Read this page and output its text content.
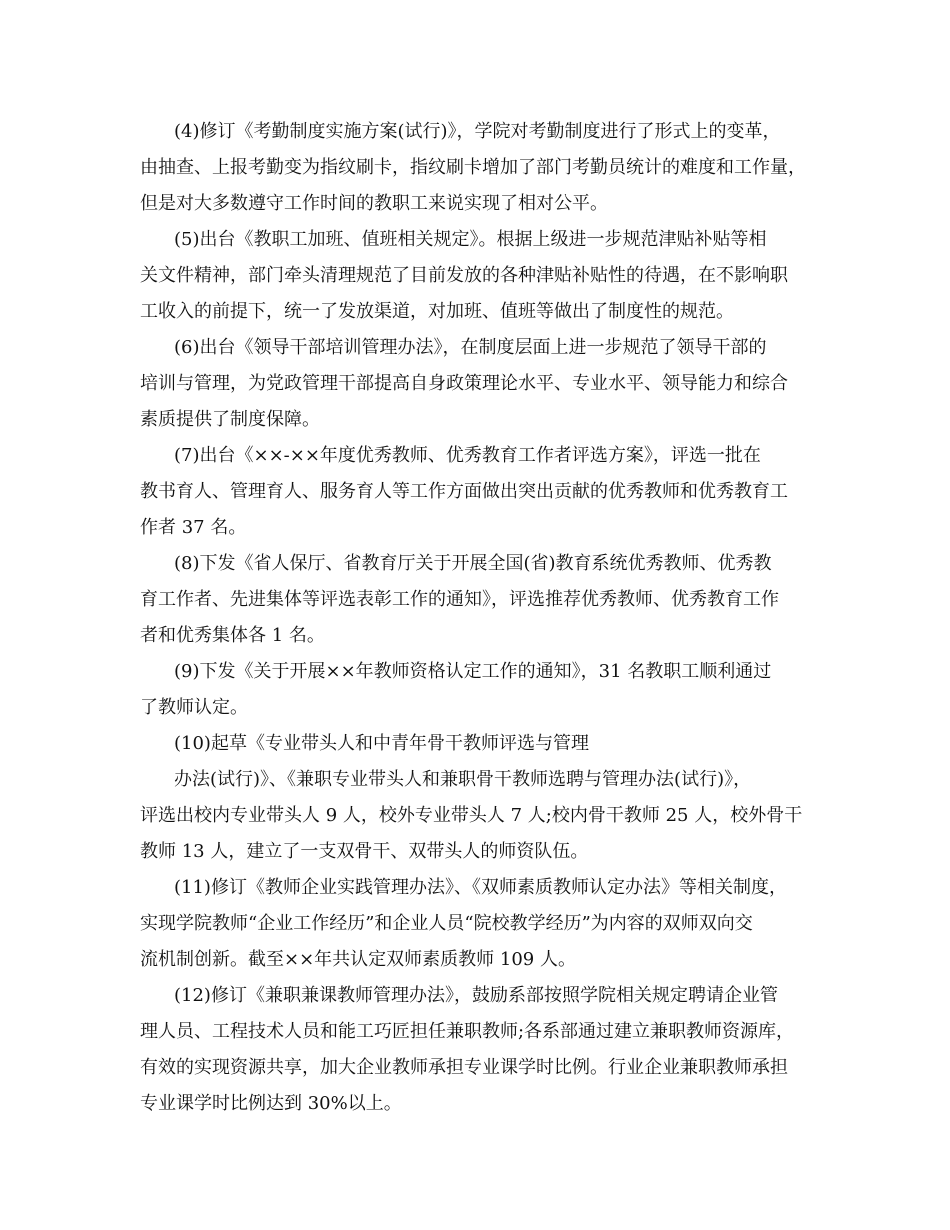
(4)修订《考勤制度实施方案(试行)》，学院对考勤制度进行了形式上的变革，
由抽查、上报考勤变为指纹刷卡，指纹刷卡增加了部门考勤员统计的难度和工作量，
但是对大多数遵守工作时间的教职工来说实现了相对公平。
(5)出台《教职工加班、值班相关规定》。根据上级进一步规范津贴补贴等相
关文件精神，部门牵头清理规范了目前发放的各种津贴补贴性的待遇，在不影响职
工收入的前提下，统一了发放渠道，对加班、值班等做出了制度性的规范。
(6)出台《领导干部培训管理办法》，在制度层面上进一步规范了领导干部的
培训与管理，为党政管理干部提高自身政策理论水平、专业水平、领导能力和综合
素质提供了制度保障。
(7)出台《××-××年度优秀教师、优秀教育工作者评选方案》，评选一批在
教书育人、管理育人、服务育人等工作方面做出突出贡献的优秀教师和优秀教育工
作者 37 名。
(8)下发《省人保厅、省教育厅关于开展全国(省)教育系统优秀教师、优秀教
育工作者、先进集体等评选表彰工作的通知》，评选推荐优秀教师、优秀教育工作
者和优秀集体各 1 名。
(9)下发《关于开展××年教师资格认定工作的通知》，31 名教职工顺利通过
了教师认定。
(10)起草《专业带头人和中青年骨干教师评选与管理
办法(试行)》、《兼职专业带头人和兼职骨干教师选聘与管理办法(试行)》，
评选出校内专业带头人 9 人，校外专业带头人 7 人;校内骨干教师 25 人，校外骨干
教师 13 人，建立了一支双骨干、双带头人的师资队伍。
(11)修订《教师企业实践管理办法》、《双师素质教师认定办法》等相关制度，
实现学院教师“企业工作经历”和企业人员“院校教学经历”为内容的双师双向交
流机制创新。截至××年共认定双师素质教师 109 人。
(12)修订《兼职兼课教师管理办法》，鼓励系部按照学院相关规定聘请企业管
理人员、工程技术人员和能工巧匠担任兼职教师;各系部通过建立兼职教师资源库，
有效的实现资源共享，加大企业教师承担专业课学时比例。行业企业兼职教师承担
专业课学时比例达到 30%以上。
